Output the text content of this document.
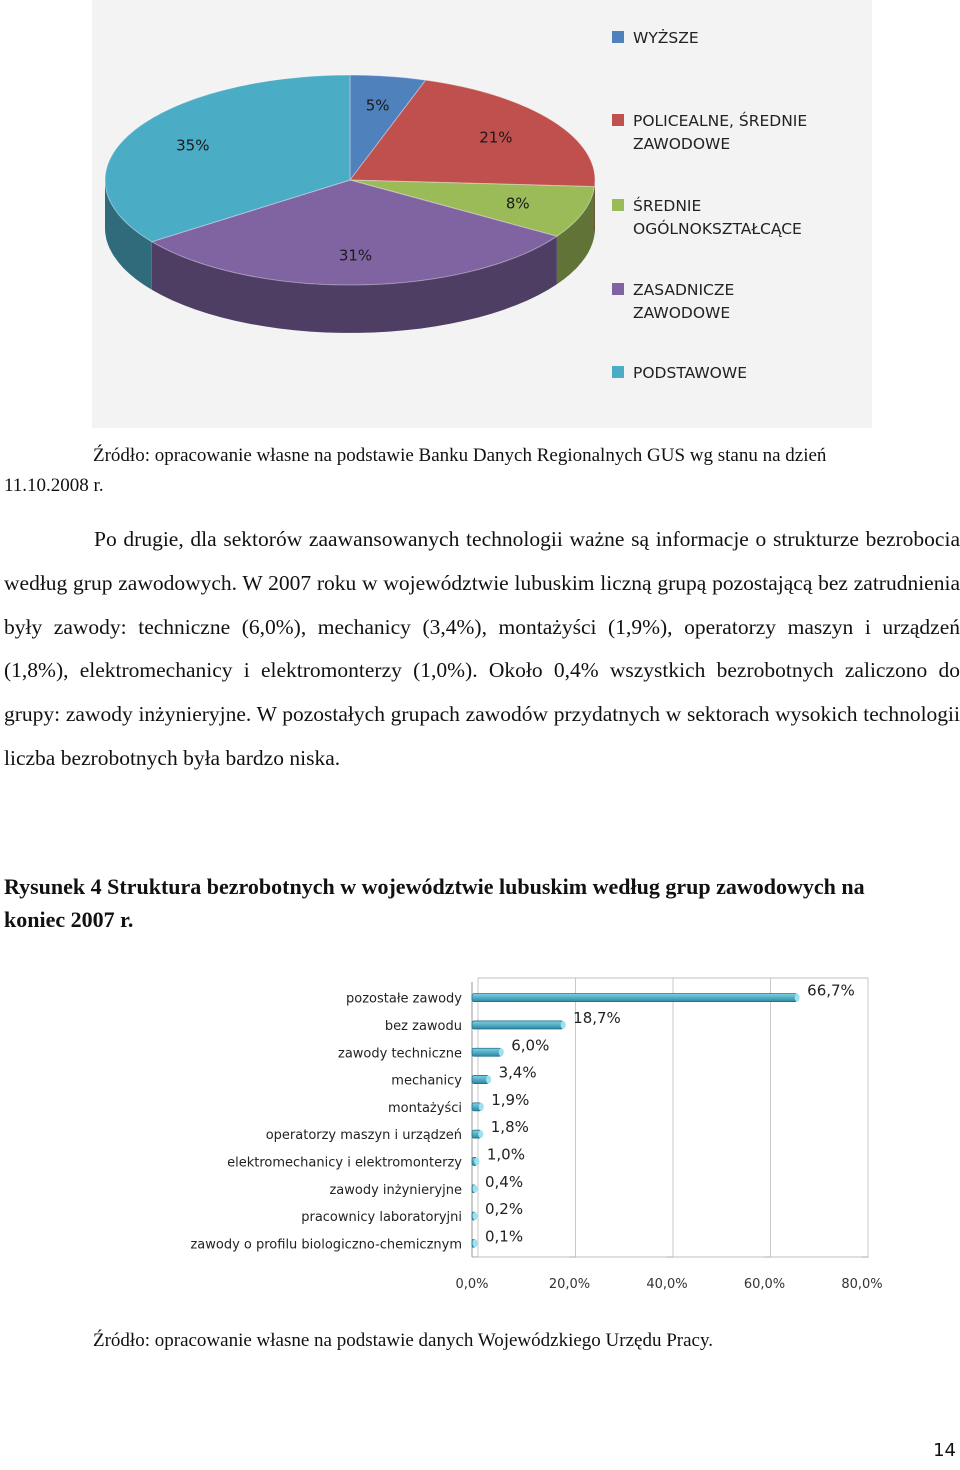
5%
21%
8%
31%
35%
WYŻSZE
POLICEALNE, ŚREDNIE ZAWODOWE
ŚREDNIE OGÓLNOKSZTAŁCĄCE
ZASADNICZE ZAWODOWE
PODSTAWOWE
Źródło: opracowanie własne na podstawie Banku Danych Regionalnych GUS wg stanu na dzień
11.10.2008 r.
Po drugie, dla sektorów zaawansowanych technologii ważne są informacje o strukturze bezrobocia według grup zawodowych. W 2007 roku w województwie lubuskim liczną grupą pozostającą bez zatrudnienia były zawody: techniczne (6,0%), mechanicy (3,4%), montażyści (1,9%), operatorzy maszyn i urządzeń (1,8%), elektromechanicy i elektromonterzy (1,0%). Około 0,4% wszystkich bezrobotnych zaliczono do grupy: zawody inżynieryjne. W pozostałych grupach zawodów przydatnych w sektorach wysokich technologii liczba bezrobotnych była bardzo niska.
Rysunek 4 Struktura bezrobotnych w województwie lubuskim według grup zawodowych na koniec 2007 r.
0,0%	20,0%	40,0%	60,0%	80,0%
pozostałe zawody	66,7%
bez zawodu	18,7%
zawody techniczne	6,0%
mechanicy 3,4%
montażyści 1,9%
operatorzy maszyn i urządzeń 1,8%
elektromechanicy i elektromonterzy 1,0%
zawody inżynieryjne 0,4%
pracownicy laboratoryjni 0,2%
zawody o profilu biologiczno-chemicznym 0,1%
Źródło: opracowanie własne na podstawie danych Wojewódzkiego Urzędu Pracy.
14
